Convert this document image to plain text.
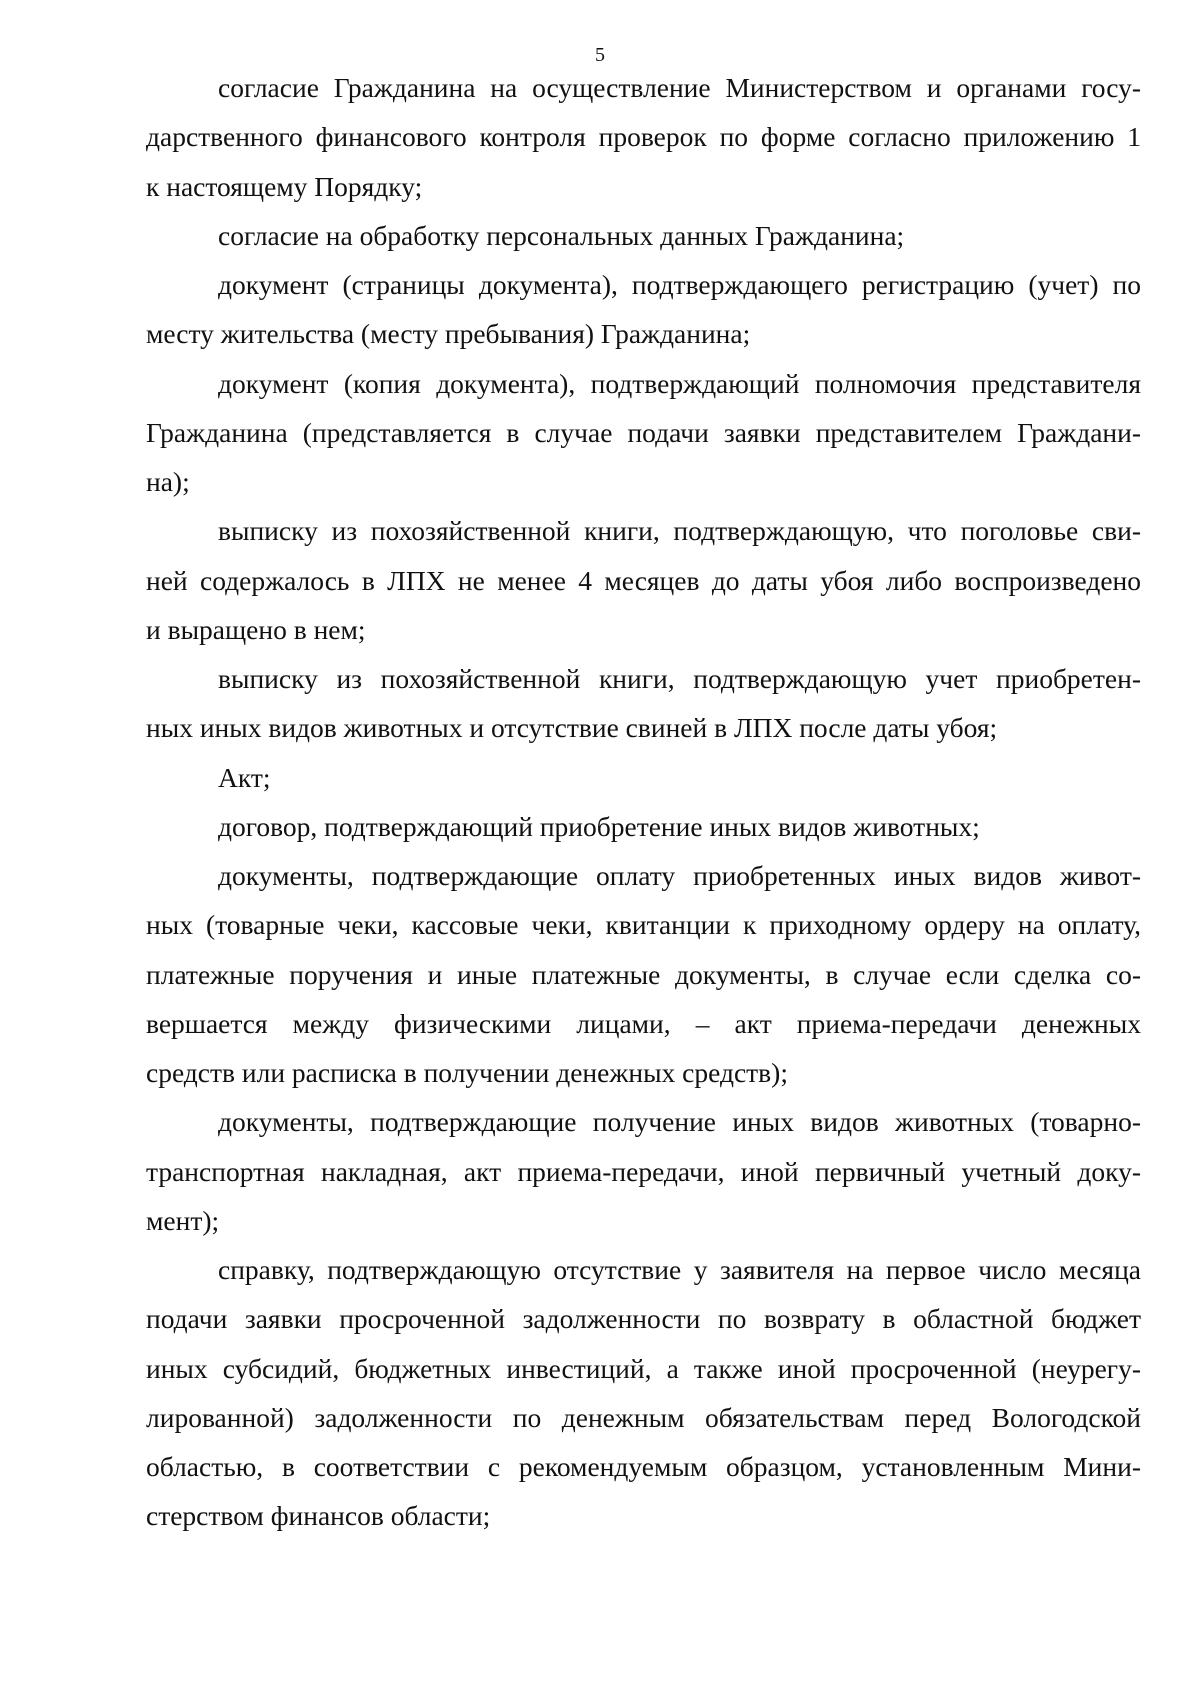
5
согласие Гражданина на осуществление Министерством и органами госу-
дарственного финансового контроля проверок по форме согласно приложению 1
к настоящему Порядку;
согласие на обработку персональных данных Гражданина;
документ (страницы документа), подтверждающего регистрацию (учет) по
месту жительства (месту пребывания) Гражданина;
документ (копия документа), подтверждающий полномочия представителя
Гражданина (представляется в случае подачи заявки представителем Граждани-
на);
выписку из похозяйственной книги, подтверждающую, что поголовье сви-
ней содержалось в ЛПХ не менее 4 месяцев до даты убоя либо воспроизведено
и выращено в нем;
выписку из похозяйственной книги, подтверждающую учет приобретен-
ных иных видов животных и отсутствие свиней в ЛПХ после даты убоя;
Акт;
договор, подтверждающий приобретение иных видов животных;
документы, подтверждающие оплату приобретенных иных видов живот-
ных (товарные чеки, кассовые чеки, квитанции к приходному ордеру на оплату,
платежные поручения и иные платежные документы, в случае если сделка со-
вершается между физическими лицами, – акт приема-передачи денежных
средств или расписка в получении денежных средств);
документы, подтверждающие получение иных видов животных (товарно-
транспортная накладная, акт приема-передачи, иной первичный учетный доку-
мент);
справку, подтверждающую отсутствие у заявителя на первое число месяца
подачи заявки просроченной задолженности по возврату в областной бюджет
иных субсидий, бюджетных инвестиций, а также иной просроченной (неурегу-
лированной) задолженности по денежным обязательствам перед Вологодской
областью, в соответствии с рекомендуемым образцом, установленным Мини-
стерством финансов области;
